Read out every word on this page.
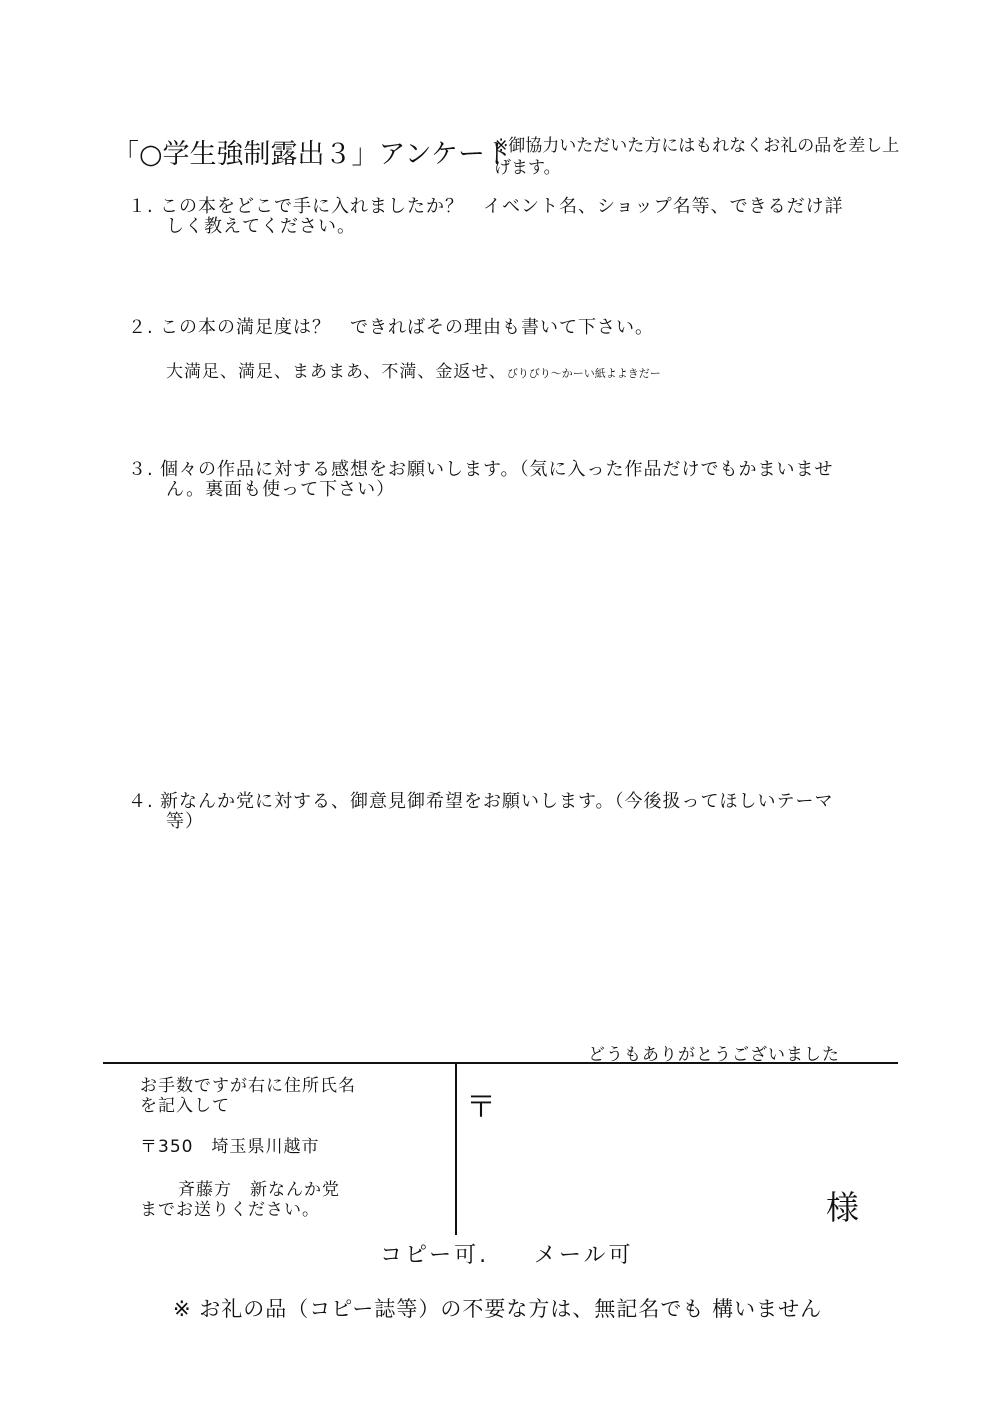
「○学生強制露出３」アンケート
※御協力いただいた方にはもれなくお礼の品を差し上げます。
１. この本をどこで手に入れましたか？　イベント名、ショップ名等、できるだけ詳
しく教えてください。
２. この本の満足度は？　できればその理由も書いて下さい。
大満足、満足、まあまあ、不満、金返せ、びりびり〜かーい紙よよきだー
３. 個々の作品に対する感想をお願いします。（気に入った作品だけでもかまいませ
ん。裏面も使って下さい）
４. 新なんか党に対する、御意見御希望をお願いします。（今後扱ってほしいテーマ
等）
どうもありがとうございました
お手数ですが右に住所氏名
を記入して
〒350　埼玉県川越市
斉藤方　新なんか党
までお送りください。
〒
様
コピー可. メール可
※ お礼の品（コピー誌等）の不要な方は、無記名でも 構いません
